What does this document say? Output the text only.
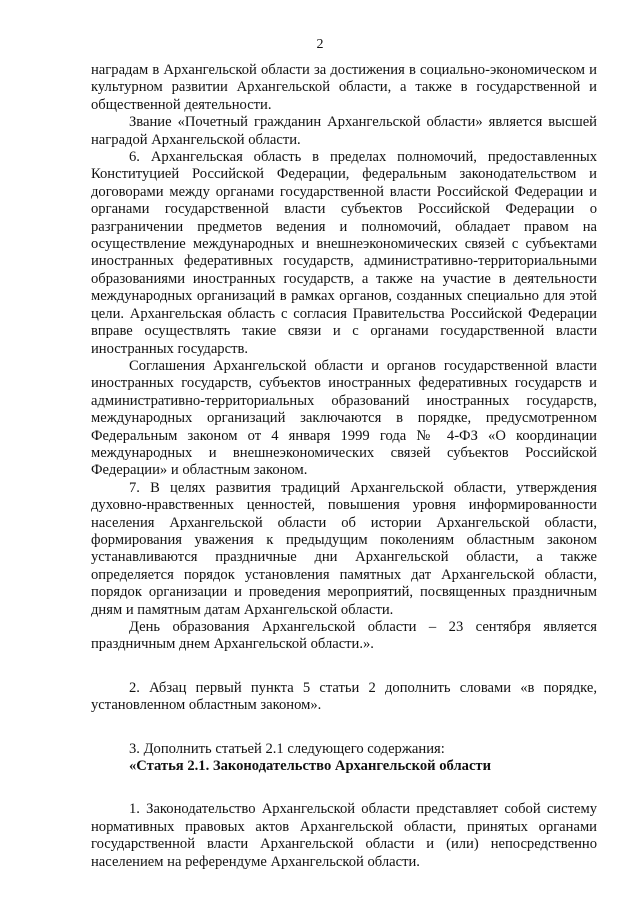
2

наградам в Архангельской области за достижения в социально-экономическом и культурном развитии Архангельской области, а также в государственной и общественной деятельности.

Звание «Почетный гражданин Архангельской области» является высшей наградой Архангельской области.

6. Архангельская область в пределах полномочий, предоставленных Конституцией Российской Федерации, федеральным законодательством и договорами между органами государственной власти Российской Федерации и органами государственной власти субъектов Российской Федерации о разграничении предметов ведения и полномочий, обладает правом на осуществление международных и внешнеэкономических связей с субъектами иностранных федеративных государств, административно-территориальными образованиями иностранных государств, а также на участие в деятельности международных организаций в рамках органов, созданных специально для этой цели. Архангельская область с согласия Правительства Российской Федерации вправе осуществлять такие связи и с органами государственной власти иностранных государств.

Соглашения Архангельской области и органов государственной власти иностранных государств, субъектов иностранных федеративных государств и административно-территориальных образований иностранных государств, международных организаций заключаются в порядке, предусмотренном Федеральным законом от 4 января 1999 года № 4-ФЗ «О координации международных и внешнеэкономических связей субъектов Российской Федерации» и областным законом.

7. В целях развития традиций Архангельской области, утверждения духовно-нравственных ценностей, повышения уровня информированности населения Архангельской области об истории Архангельской области, формирования уважения к предыдущим поколениям областным законом устанавливаются праздничные дни Архангельской области, а также определяется порядок установления памятных дат Архангельской области, порядок организации и проведения мероприятий, посвященных праздничным дням и памятным датам Архангельской области.

День образования Архангельской области – 23 сентября является праздничным днем Архангельской области.».

2. Абзац первый пункта 5 статьи 2 дополнить словами «в порядке, установленном областным законом».

3. Дополнить статьей 2.1 следующего содержания:

«Статья 2.1. Законодательство Архангельской области

1. Законодательство Архангельской области представляет собой систему нормативных правовых актов Архангельской области, принятых органами государственной власти Архангельской области и (или) непосредственно населением на референдуме Архангельской области.
